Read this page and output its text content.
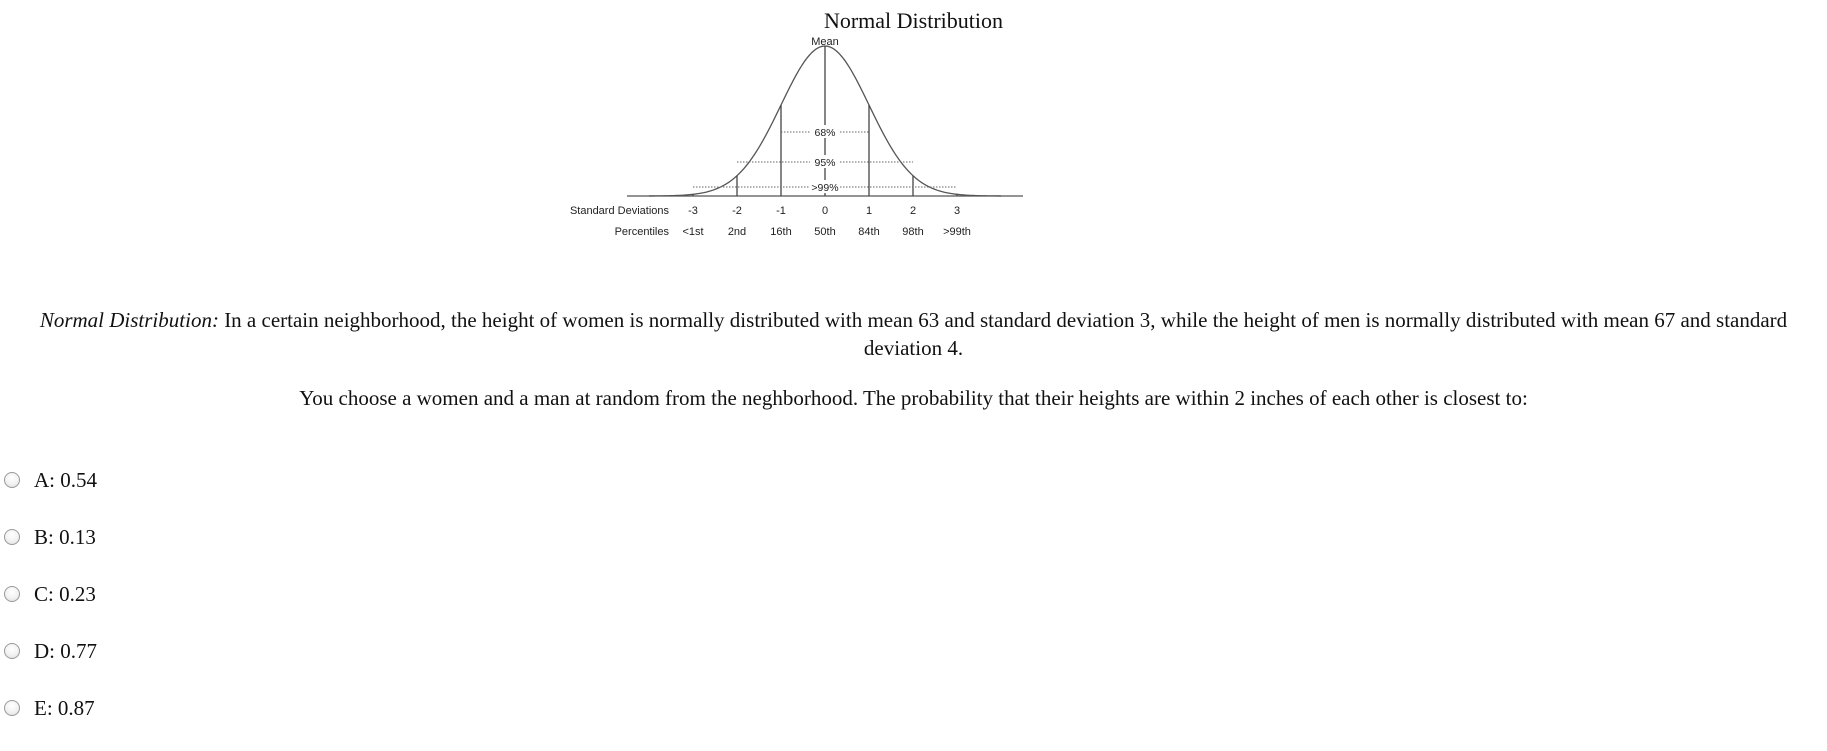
Normal Distribution
Mean
68%
95%
>99%
Standard Deviations
Percentiles
-3
<1st
-2
2nd
-1
16th
0
50th
1
84th
2
98th
3
>99th
Normal Distribution: In a certain neighborhood, the height of women is normally distributed with mean 63 and standard deviation 3, while the height of men is normally distributed with mean 67 and standard deviation 4.
You choose a women and a man at random from the neghborhood. The probability that their heights are within 2 inches of each other is closest to:
A: 0.54
B: 0.13
C: 0.23
D: 0.77
E: 0.87
